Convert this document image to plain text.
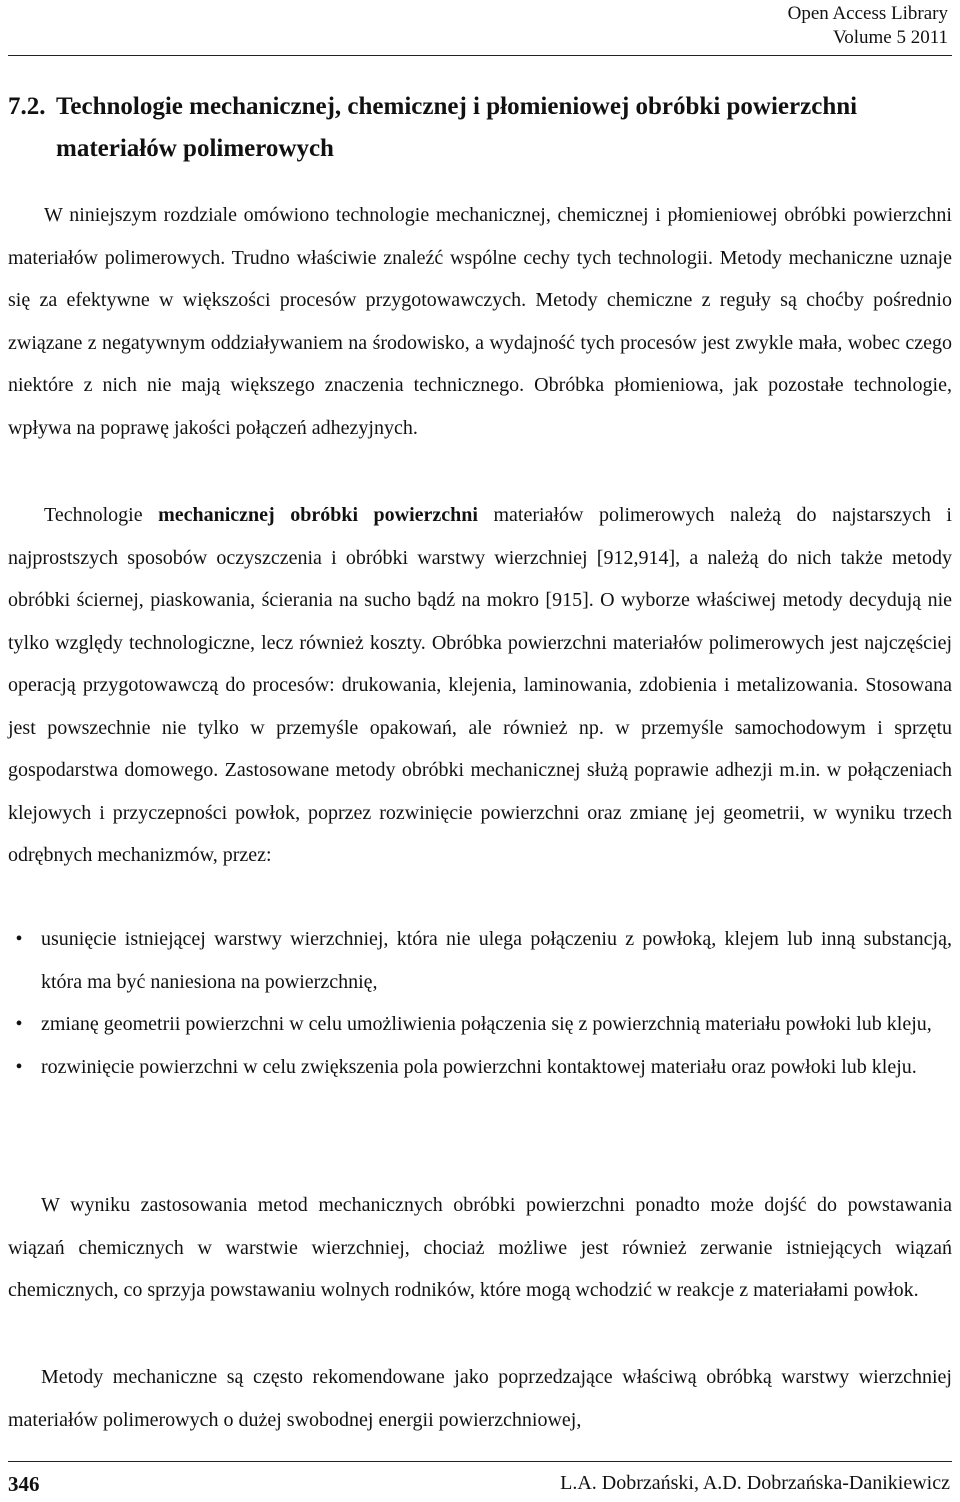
Open Access Library
Volume 5 2011
7.2. Technologie mechanicznej, chemicznej i płomieniowej obróbki powierzchni materiałów polimerowych
W niniejszym rozdziale omówiono technologie mechanicznej, chemicznej i płomieniowej obróbki powierzchni materiałów polimerowych. Trudno właściwie znaleźć wspólne cechy tych technologii. Metody mechaniczne uznaje się za efektywne w większości procesów przygotowawczych. Metody chemiczne z reguły są choćby pośrednio związane z negatywnym oddziaływaniem na środowisko, a wydajność tych procesów jest zwykle mała, wobec czego niektóre z nich nie mają większego znaczenia technicznego. Obróbka płomieniowa, jak pozostałe technologie, wpływa na poprawę jakości połączeń adhezyjnych.
Technologie mechanicznej obróbki powierzchni materiałów polimerowych należą do najstarszych i najprostszych sposobów oczyszczenia i obróbki warstwy wierzchniej [912,914], a należą do nich także metody obróbki ściernej, piaskowania, ścierania na sucho bądź na mokro [915]. O wyborze właściwej metody decydują nie tylko względy technologiczne, lecz również koszty. Obróbka powierzchni materiałów polimerowych jest najczęściej operacją przygotowawczą do procesów: drukowania, klejenia, laminowania, zdobienia i metalizowania. Stosowana jest powszechnie nie tylko w przemyśle opakowań, ale również np. w przemyśle samochodowym i sprzętu gospodarstwa domowego. Zastosowane metody obróbki mechanicznej służą poprawie adhezji m.in. w połączeniach klejowych i przyczepności powłok, poprzez rozwinięcie powierzchni oraz zmianę jej geometrii, w wyniku trzech odrębnych mechanizmów, przez:
• usunięcie istniejącej warstwy wierzchniej, która nie ulega połączeniu z powłoką, klejem lub inną substancją, która ma być naniesiona na powierzchnię,
• zmianę geometrii powierzchni w celu umożliwienia połączenia się z powierzchnią materiału powłoki lub kleju,
• rozwinięcie powierzchni w celu zwiększenia pola powierzchni kontaktowej materiału oraz powłoki lub kleju.
W wyniku zastosowania metod mechanicznych obróbki powierzchni ponadto może dojść do powstawania wiązań chemicznych w warstwie wierzchniej, chociaż możliwe jest również zerwanie istniejących wiązań chemicznych, co sprzyja powstawaniu wolnych rodników, które mogą wchodzić w reakcje z materiałami powłok.
Metody mechaniczne są często rekomendowane jako poprzedzające właściwą obróbką warstwy wierzchniej materiałów polimerowych o dużej swobodnej energii powierzchniowej,
346	L.A. Dobrzański, A.D. Dobrzańska-Danikiewicz
